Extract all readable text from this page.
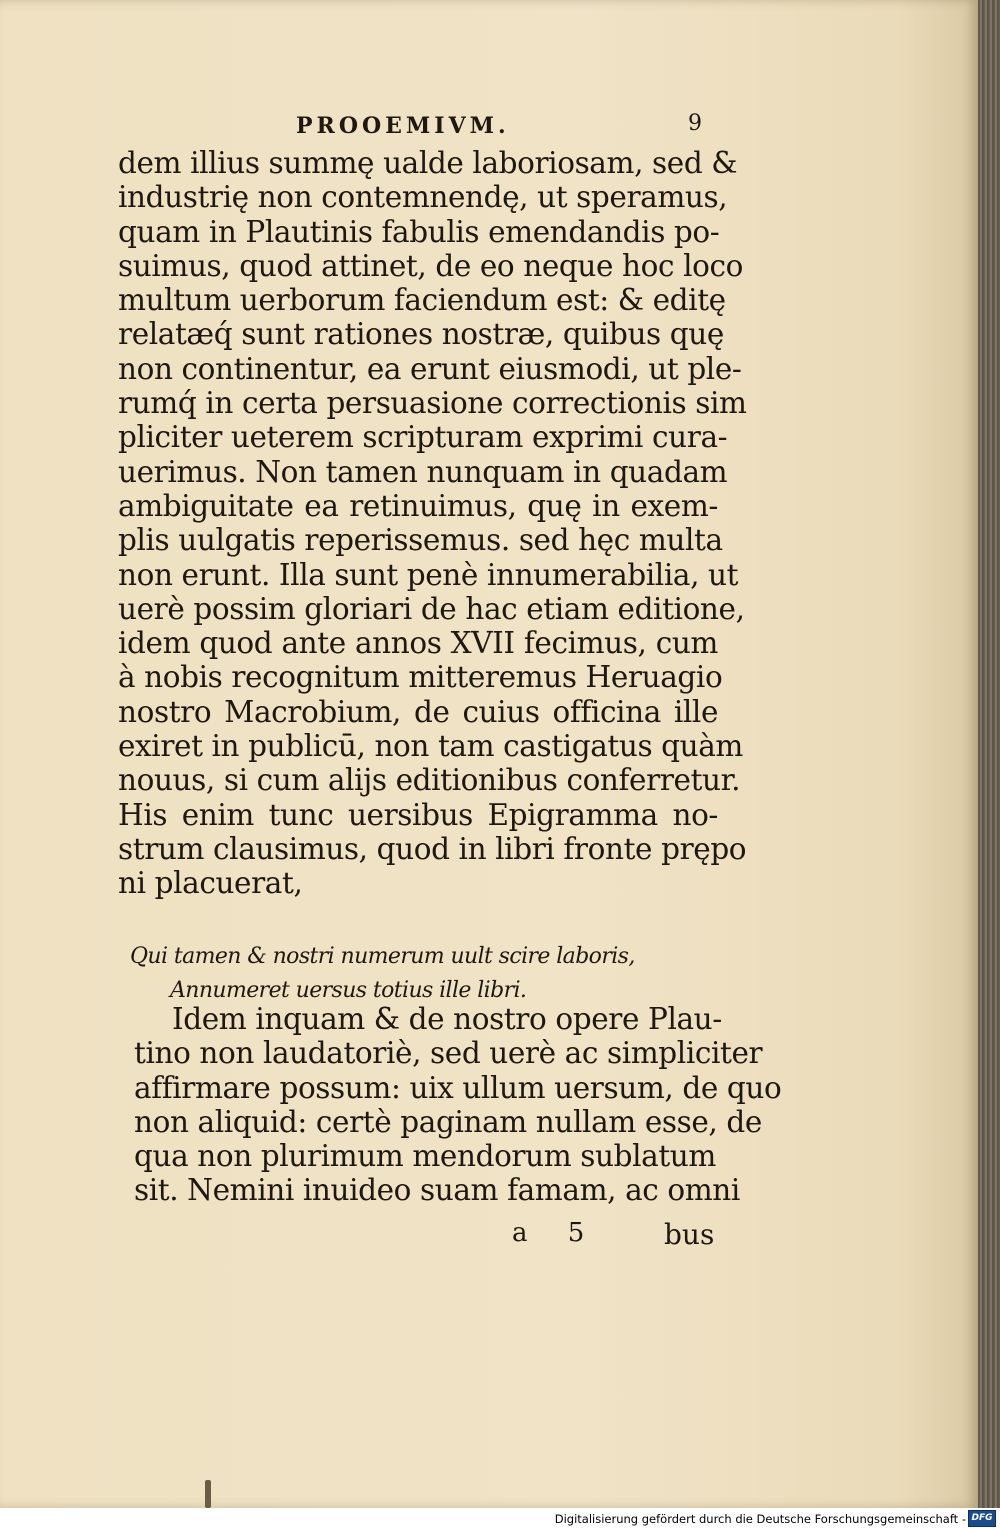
PROOEMIVM.	9
dem illius summę ualde laboriosam, sed &
industrię non contemnendę, ut speramus,
quam in Plautinis fabulis emendandis po-
suimus, quod attinet, de eo neque hoc loco
multum uerborum faciendum est: & editę
relatæq́ sunt rationes nostræ, quibus quę
non continentur, ea erunt eiusmodi, ut ple-
rumq́ in certa persuasione correctionis sim
pliciter ueterem scripturam exprimi cura-
uerimus. Non tamen nunquam in quadam
ambiguitate ea retinuimus, quę in exem-
plis uulgatis reperissemus. sed hęc multa
non erunt. Illa sunt penè innumerabilia, ut
uerè possim gloriari de hac etiam editione,
idem quod ante annos XVII fecimus, cum
à nobis recognitum mitteremus Heruagio
nostro Macrobium, de cuius officina ille
exiret in publicū, non tam castigatus quàm
nouus, si cum alijs editionibus conferretur.
His enim tunc uersibus Epigramma no-
strum clausimus, quod in libri fronte prępo
ni placuerat,
Qui tamen & nostri numerum uult scire laboris,
Annumeret uersus totius ille libri.
Idem inquam & de nostro opere Plau-
tino non laudatoriè, sed uerè ac simpliciter
affirmare possum: uix ullum uersum, de quo
non aliquid: certè paginam nullam esse, de
qua non plurimum mendorum sublatum
sit. Nemini inuideo suam famam, ac omni
a 5 bus
Digitalisierung gefördert durch die Deutsche Forschungsgemeinschaft - DFG
